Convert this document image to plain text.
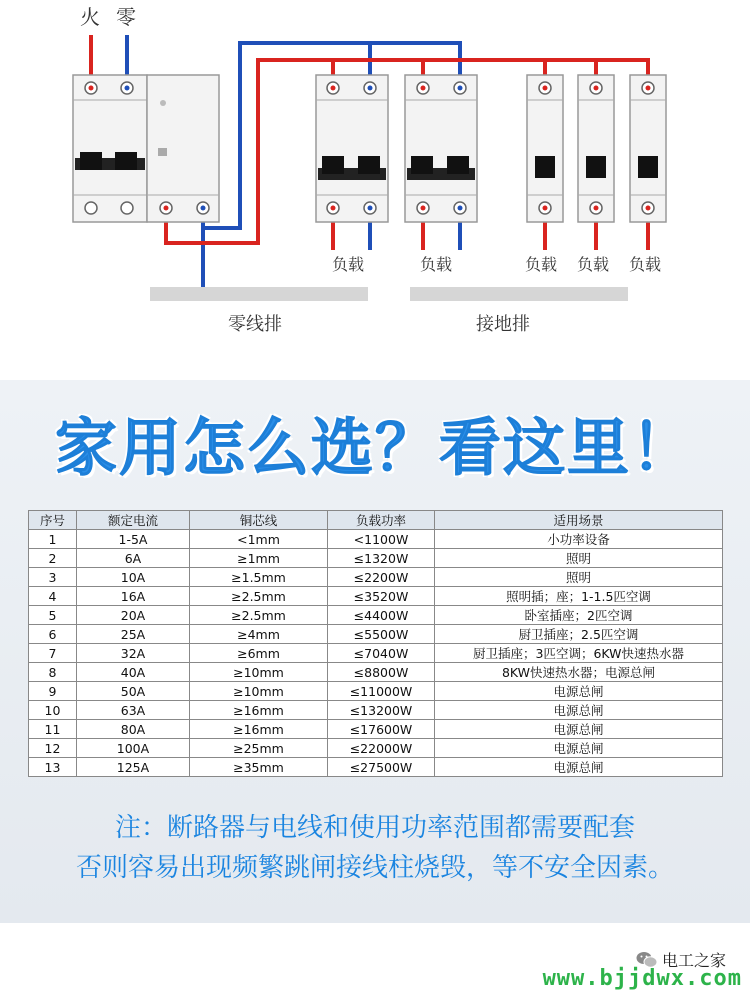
火 零
负载	负载	负载 负载 负载
零线排	接地排
家用怎么选？看这里！
序号	额定电流	铜芯线	负载功率	适用场景
1	1-5A	<1mm	<1100W	小功率设备
2	6A	≥1mm	≤1320W	照明
3	10A	≥1.5mm	≤2200W	照明
4	16A	≥2.5mm	≤3520W	照明插；座；1-1.5匹空调
5	20A	≥2.5mm	≤4400W	卧室插座；2匹空调
6	25A	≥4mm	≤5500W	厨卫插座；2.5匹空调
7	32A	≥6mm	≤7040W	厨卫插座；3匹空调；6KW快速热水器
8	40A	≥10mm	≤8800W	8KW快速热水器；电源总闸
9	50A	≥10mm	≤11000W	电源总闸
10	63A	≥16mm	≤13200W	电源总闸
11	80A	≥16mm	≤17600W	电源总闸
12	100A	≥25mm	≤22000W	电源总闸
13	125A	≥35mm	≤27500W	电源总闸
注：断路器与电线和使用功率范围都需要配套
否则容易出现频繁跳闸接线柱烧毁，等不安全因素。
电工之家
www.bjjdwx.com
